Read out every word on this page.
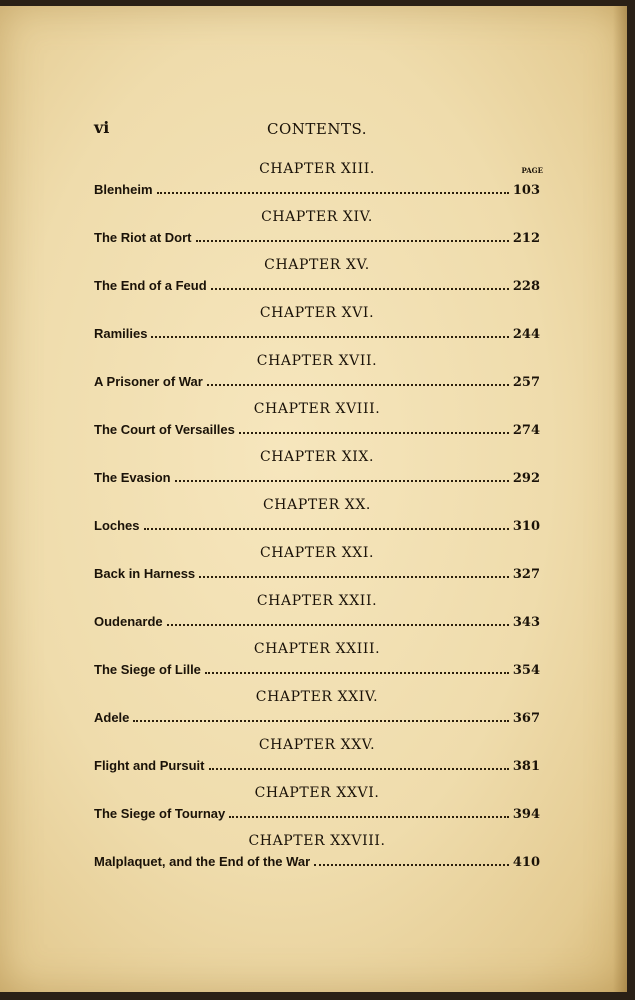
vi	CONTENTS.
PAGE
CHAPTER XIII.
Blenheim	103
CHAPTER XIV.
The Riot at Dort	212
CHAPTER XV.
The End of a Feud	228
CHAPTER XVI.
Ramilies	244
CHAPTER XVII.
A Prisoner of War	257
CHAPTER XVIII.
The Court of Versailles	274
CHAPTER XIX.
The Evasion	292
CHAPTER XX.
Loches	310
CHAPTER XXI.
Back in Harness	327
CHAPTER XXII.
Oudenarde	343
CHAPTER XXIII.
The Siege of Lille	354
CHAPTER XXIV.
Adele	367
CHAPTER XXV.
Flight and Pursuit	381
CHAPTER XXVI.
The Siege of Tournay	394
CHAPTER XXVIII.
Malplaquet, and the End of the War	410
